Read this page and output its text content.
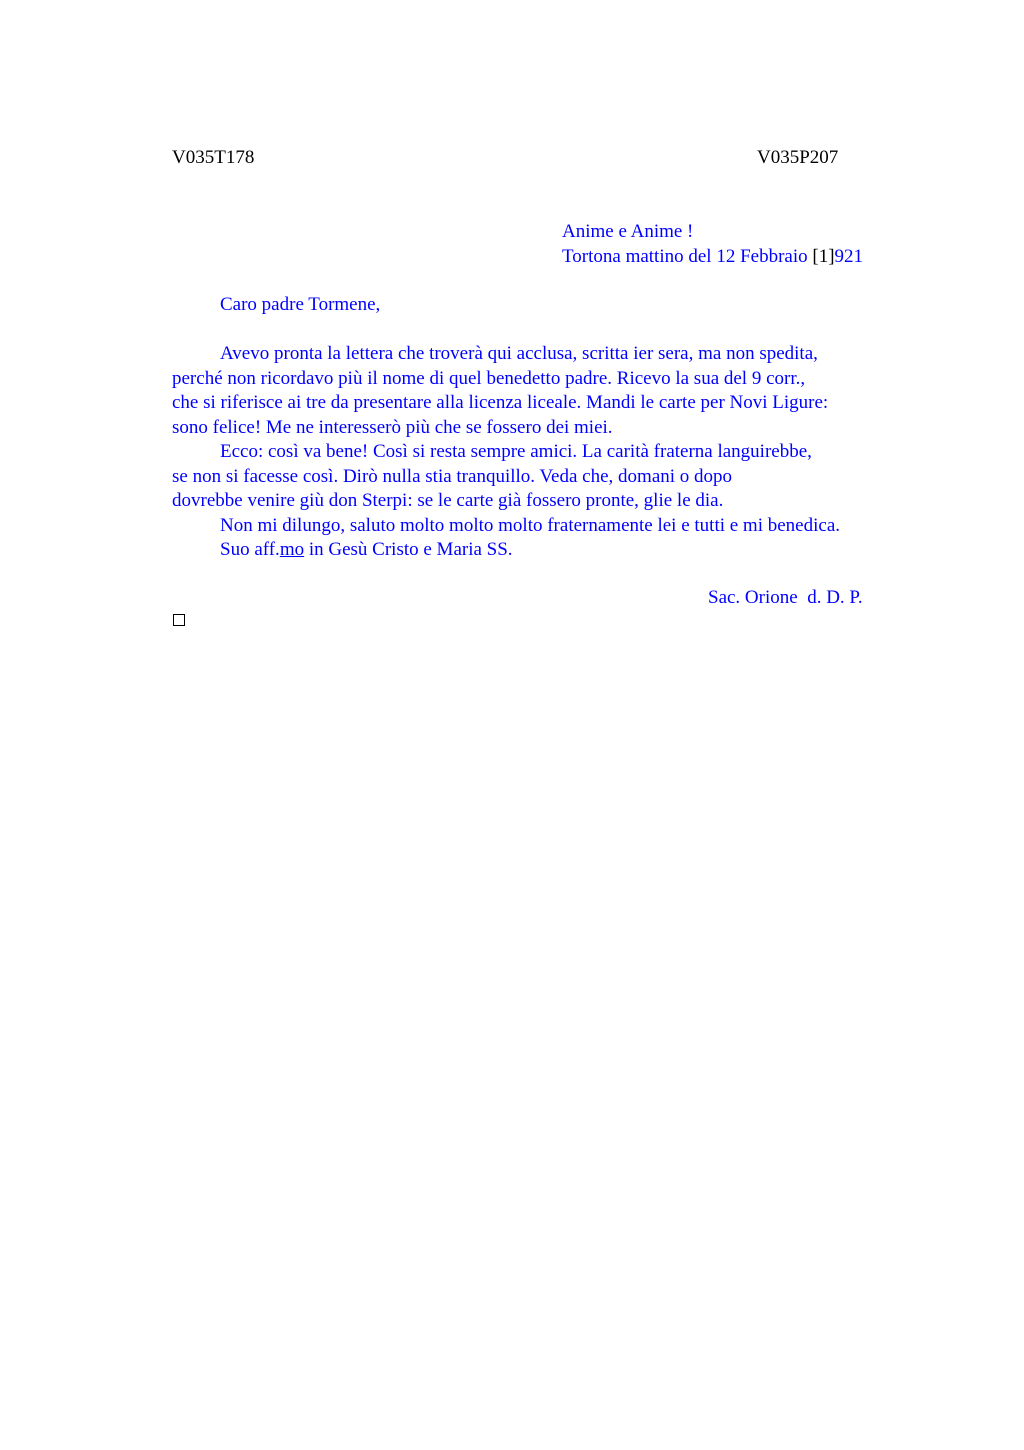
V035T178	V035P207
Anime e Anime !
Tortona mattino del 12 Febbraio [1]921
Caro padre Tormene,
Avevo pronta la lettera che troverà qui acclusa, scritta ier sera, ma non spedita,
perché non ricordavo più il nome di quel benedetto padre. Ricevo la sua del 9 corr.,
che si riferisce ai tre da presentare alla licenza liceale. Mandi le carte per Novi Ligure:
sono felice! Me ne interesserò più che se fossero dei miei.
Ecco: così va bene! Così si resta sempre amici. La carità fraterna languirebbe,
se non si facesse così. Dirò nulla stia tranquillo. Veda che, domani o dopo
dovrebbe venire giù don Sterpi: se le carte già fossero pronte, glie le dia.
Non mi dilungo, saluto molto molto molto fraternamente lei e tutti e mi benedica.
Suo aff.mo in Gesù Cristo e Maria SS.
Sac. Orione  d. D. P.
